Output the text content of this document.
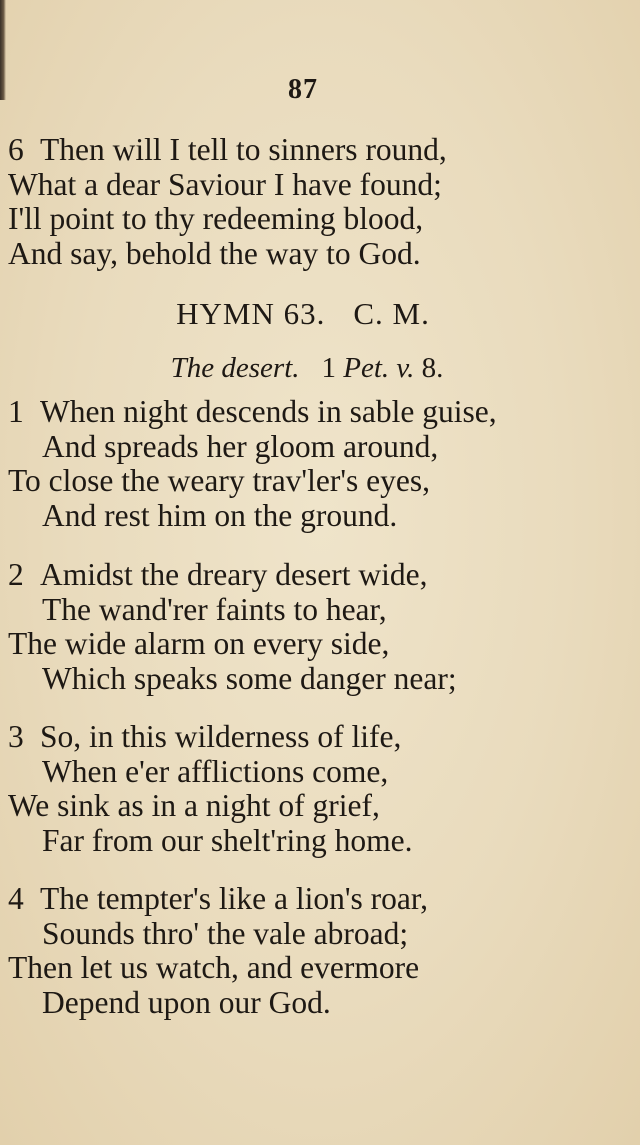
87
6 Then will I tell to sinners round,
What a dear Saviour I have found;
I'll point to thy redeeming blood,
And say, behold the way to God.
HYMN 63. C. M.
The desert. 1 Pet. v. 8.
1 When night descends in sable guise,
And spreads her gloom around,
To close the weary trav'ler's eyes,
And rest him on the ground.
2 Amidst the dreary desert wide,
The wand'rer faints to hear,
The wide alarm on every side,
Which speaks some danger near;
3 So, in this wilderness of life,
When e'er afflictions come,
We sink as in a night of grief,
Far from our shelt'ring home.
4 The tempter's like a lion's roar,
Sounds thro' the vale abroad;
Then let us watch, and evermore
Depend upon our God.
